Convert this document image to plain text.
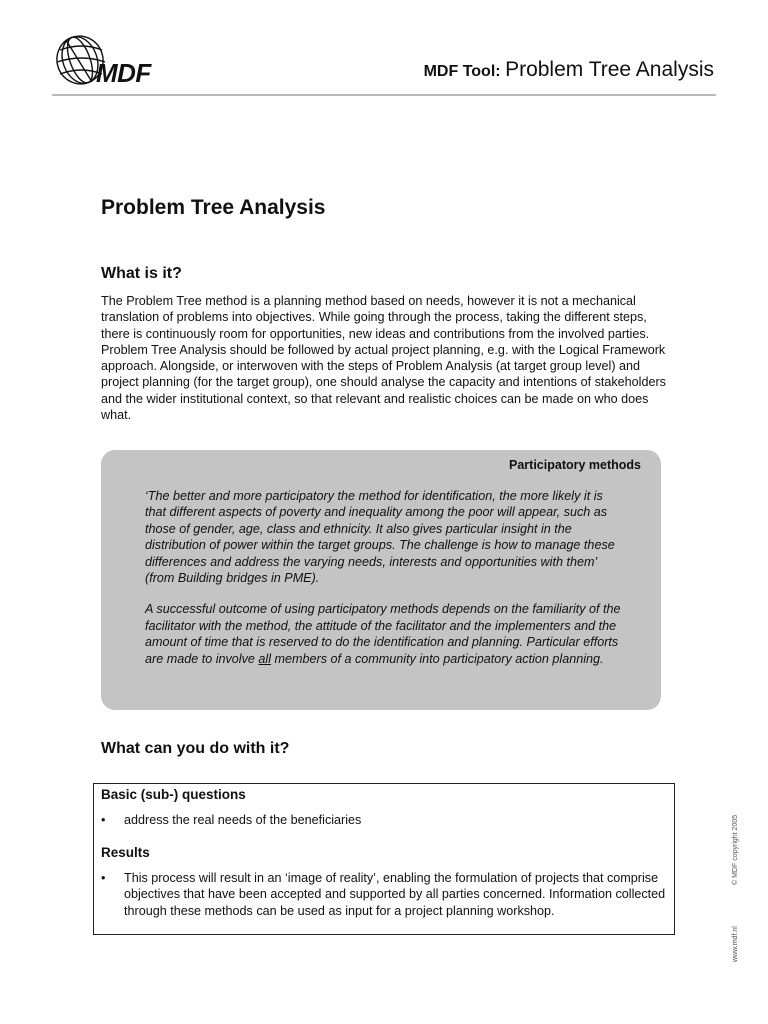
MDF	MDF Tool: Problem Tree Analysis
Problem Tree Analysis
What is it?

The Problem Tree method is a planning method based on needs, however it is not a mechanical translation of problems into objectives. While going through the process, taking the different steps, there is continuously room for opportunities, new ideas and contributions from the involved parties. Problem Tree Analysis should be followed by actual project planning, e.g. with the Logical Framework approach. Alongside, or interwoven with the steps of Problem Analysis (at target group level) and project planning (for the target group), one should analyse the capacity and intentions of stakeholders and the wider institutional context, so that relevant and realistic choices can be made on who does what.

Participatory methods

‘The better and more participatory the method for identification, the more likely it is that different aspects of poverty and inequality among the poor will appear, such as those of gender, age, class and ethnicity. It also gives particular insight in the distribution of power within the target groups. The challenge is how to manage these differences and address the varying needs, interests and opportunities with them’ (from Building bridges in PME).

A successful outcome of using participatory methods depends on the familiarity of the facilitator with the method, the attitude of the facilitator and the implementers and the amount of time that is reserved to do the identification and planning. Particular efforts are made to involve all members of a community into participatory action planning.

What can you do with it?
Basic (sub-) questions
• address the real needs of the beneficiaries
Results
• This process will result in an ‘image of reality’, enabling the formulation of projects that comprise objectives that have been accepted and supported by all parties concerned. Information collected through these methods can be used as input for a project planning workshop.
© MDF copyright 2005
www.mdf.nl
